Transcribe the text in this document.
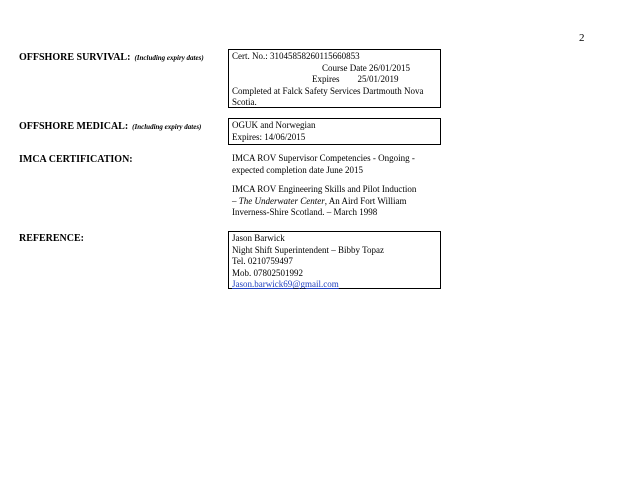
2
OFFSHORE SURVIVAL: (Including expiry dates)	Cert. No.: 31045858260115660853
Course Date 26/01/2015
Expires        25/01/2019
Completed at Falck Safety Services Dartmouth Nova Scotia.
OFFSHORE MEDICAL: (Including expiry dates)	OGUK and Norwegian
Expires: 14/06/2015
IMCA CERTIFICATION:	IMCA ROV Supervisor Competencies - Ongoing - expected completion date June 2015
IMCA ROV Engineering Skills and Pilot Induction
– The Underwater Center, An Aird Fort William
Inverness-Shire Scotland. – March 1998
REFERENCE:	Jason Barwick
Night Shift Superintendent – Bibby Topaz
Tel. 0210759497
Mob. 07802501992
Jason.barwick69@gmail.com
